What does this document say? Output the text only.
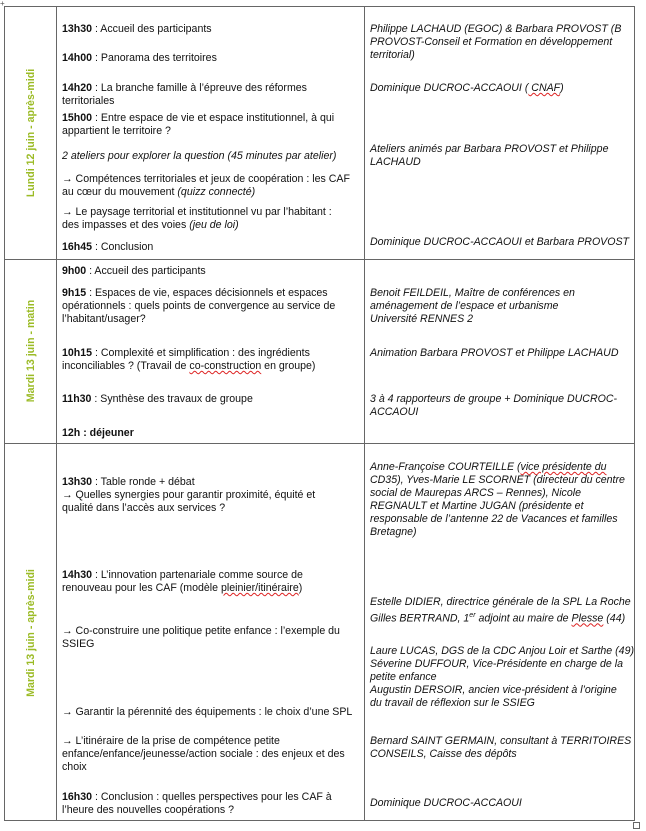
+
Lundi 12 juin - après-midi
13h30 : Accueil des participants
14h00 : Panorama des territoires
14h20 : La branche famille à l’épreuve des réformes
territoriales
15h00 : Entre espace de vie et espace institutionnel, à qui
appartient le territoire ?
2 ateliers pour explorer la question (45 minutes par atelier)
→ Compétences territoriales et jeux de coopération : les CAF
au cœur du mouvement (quizz connecté)
→ Le paysage territorial et institutionnel vu par l’habitant :
des impasses et des voies (jeu de loi)
16h45 : Conclusion
Philippe LACHAUD (EGOC) & Barbara PROVOST (B
PROVOST-Conseil et Formation en développement
territorial)
Dominique DUCROC-ACCAOUI ( CNAF)
Ateliers animés par Barbara PROVOST et Philippe
LACHAUD
Dominique DUCROC-ACCAOUI et Barbara PROVOST
Mardi 13 juin - matin
9h00 : Accueil des participants
9h15 : Espaces de vie, espaces décisionnels et espaces
opérationnels : quels points de convergence au service de
l’habitant/usager?
10h15 : Complexité et simplification : des ingrédients
inconciliables ? (Travail de co-construction en groupe)
11h30 : Synthèse des travaux de groupe
12h : déjeuner
Benoit FEILDEIL, Maître de conférences en
aménagement de l’espace et urbanisme
Université RENNES 2
Animation Barbara PROVOST et Philippe LACHAUD
3 à 4 rapporteurs de groupe + Dominique DUCROC-
ACCAOUI
Mardi 13 juin - après-midi
13h30 : Table ronde + débat
→ Quelles synergies pour garantir proximité, équité et
qualité dans l’accès aux services ?
14h30 : L’innovation partenariale comme source de
renouveau pour les CAF (modèle pleinier/itinéraire)
→ Co-construire une politique petite enfance : l’exemple du
SSIEG
→ Garantir la pérennité des équipements : le choix d’une SPL
→ L’itinéraire de la prise de compétence petite
enfance/enfance/jeunesse/action sociale : des enjeux et des
choix
16h30 : Conclusion : quelles perspectives pour les CAF à
l’heure des nouvelles coopérations ?
Anne-Françoise COURTEILLE (vice présidente du
CD35), Yves-Marie LE SCORNET (directeur du centre
social de Maurepas ARCS – Rennes), Nicole
REGNAULT et Martine JUGAN (présidente et
responsable de l’antenne 22 de Vacances et familles
Bretagne)
Estelle DIDIER, directrice générale de la SPL La Roche
Gilles BERTRAND, 1er adjoint au maire de Plesse (44)
Laure LUCAS, DGS de la CDC Anjou Loir et Sarthe (49)
Séverine DUFFOUR, Vice-Présidente en charge de la
petite enfance
Augustin DERSOIR, ancien vice-président à l’origine
du travail de réflexion sur le SSIEG
Bernard SAINT GERMAIN, consultant à TERRITOIRES
CONSEILS, Caisse des dépôts
Dominique DUCROC-ACCAOUI
